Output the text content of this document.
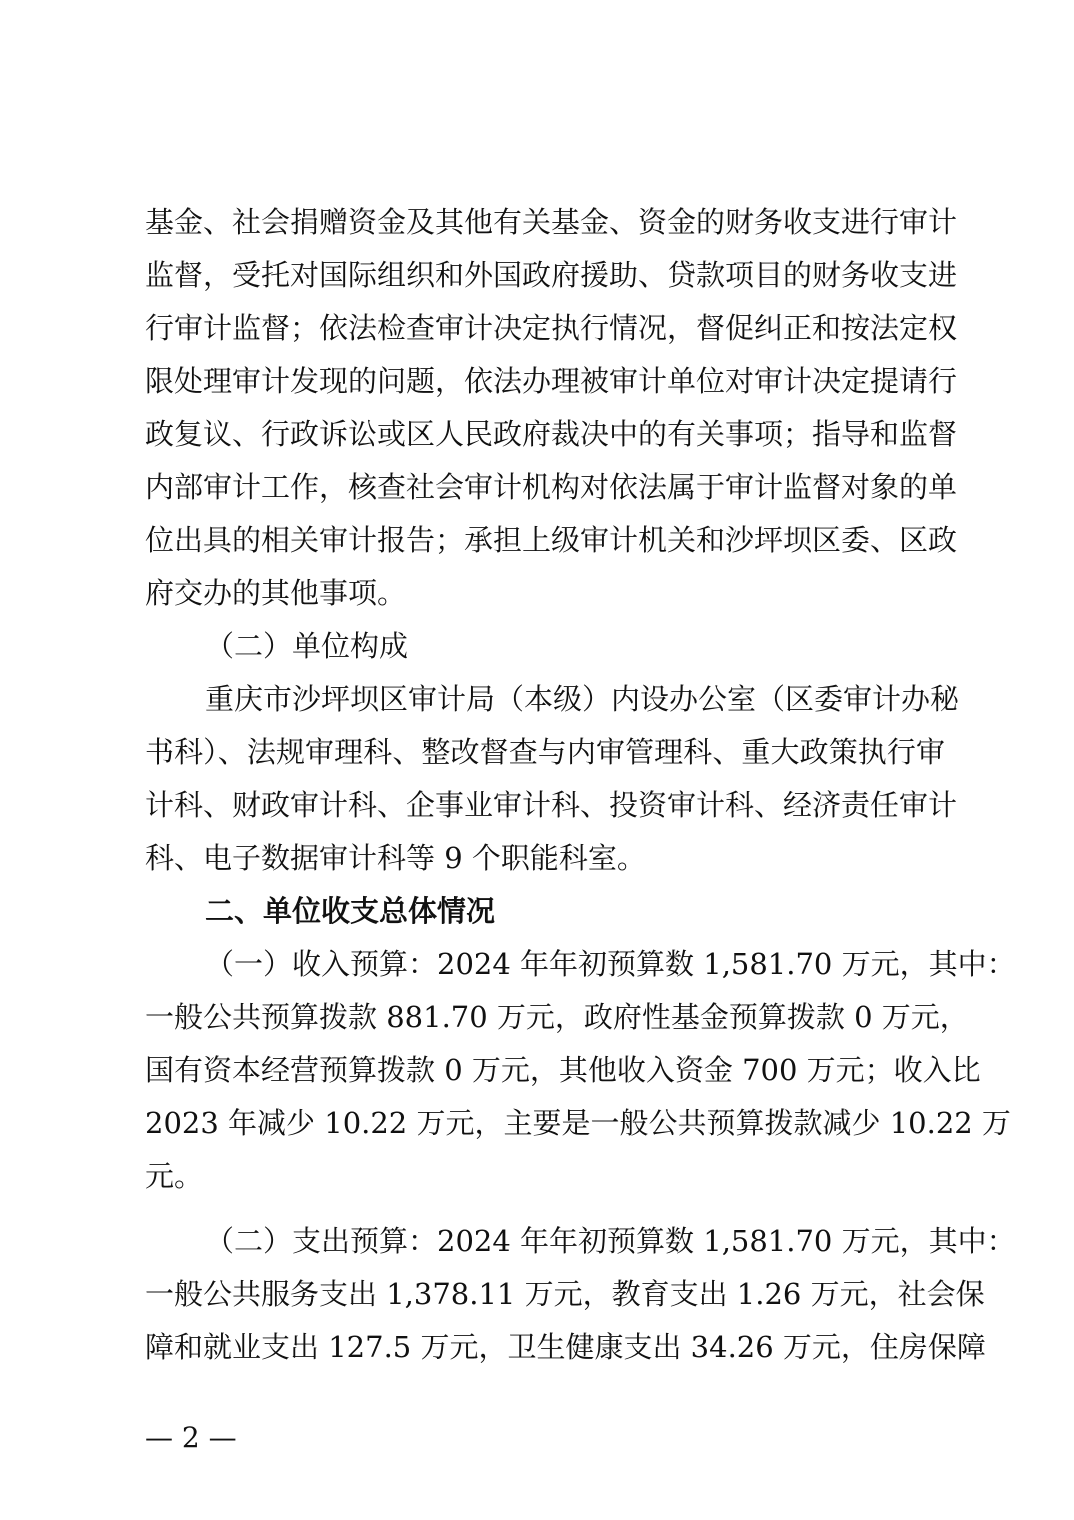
基金、社会捐赠资金及其他有关基金、资金的财务收支进行审计
监督，受托对国际组织和外国政府援助、贷款项目的财务收支进
行审计监督；依法检查审计决定执行情况，督促纠正和按法定权
限处理审计发现的问题，依法办理被审计单位对审计决定提请行
政复议、行政诉讼或区人民政府裁决中的有关事项；指导和监督
内部审计工作，核查社会审计机构对依法属于审计监督对象的单
位出具的相关审计报告；承担上级审计机关和沙坪坝区委、区政
府交办的其他事项。
（二）单位构成
重庆市沙坪坝区审计局（本级）内设办公室（区委审计办秘
书科）、法规审理科、整改督查与内审管理科、重大政策执行审
计科、财政审计科、企事业审计科、投资审计科、经济责任审计
科、电子数据审计科等 9 个职能科室。
二、单位收支总体情况
（一）收入预算：2024 年年初预算数 1,581.70 万元，其中：
一般公共预算拨款 881.70 万元，政府性基金预算拨款 0 万元，
国有资本经营预算拨款 0 万元，其他收入资金 700 万元；收入比
2023 年减少 10.22 万元，主要是一般公共预算拨款减少 10.22 万
元。
（二）支出预算：2024 年年初预算数 1,581.70 万元，其中：
一般公共服务支出 1,378.11 万元，教育支出 1.26 万元，社会保
障和就业支出 127.5 万元，卫生健康支出 34.26 万元，住房保障
— 2 —
